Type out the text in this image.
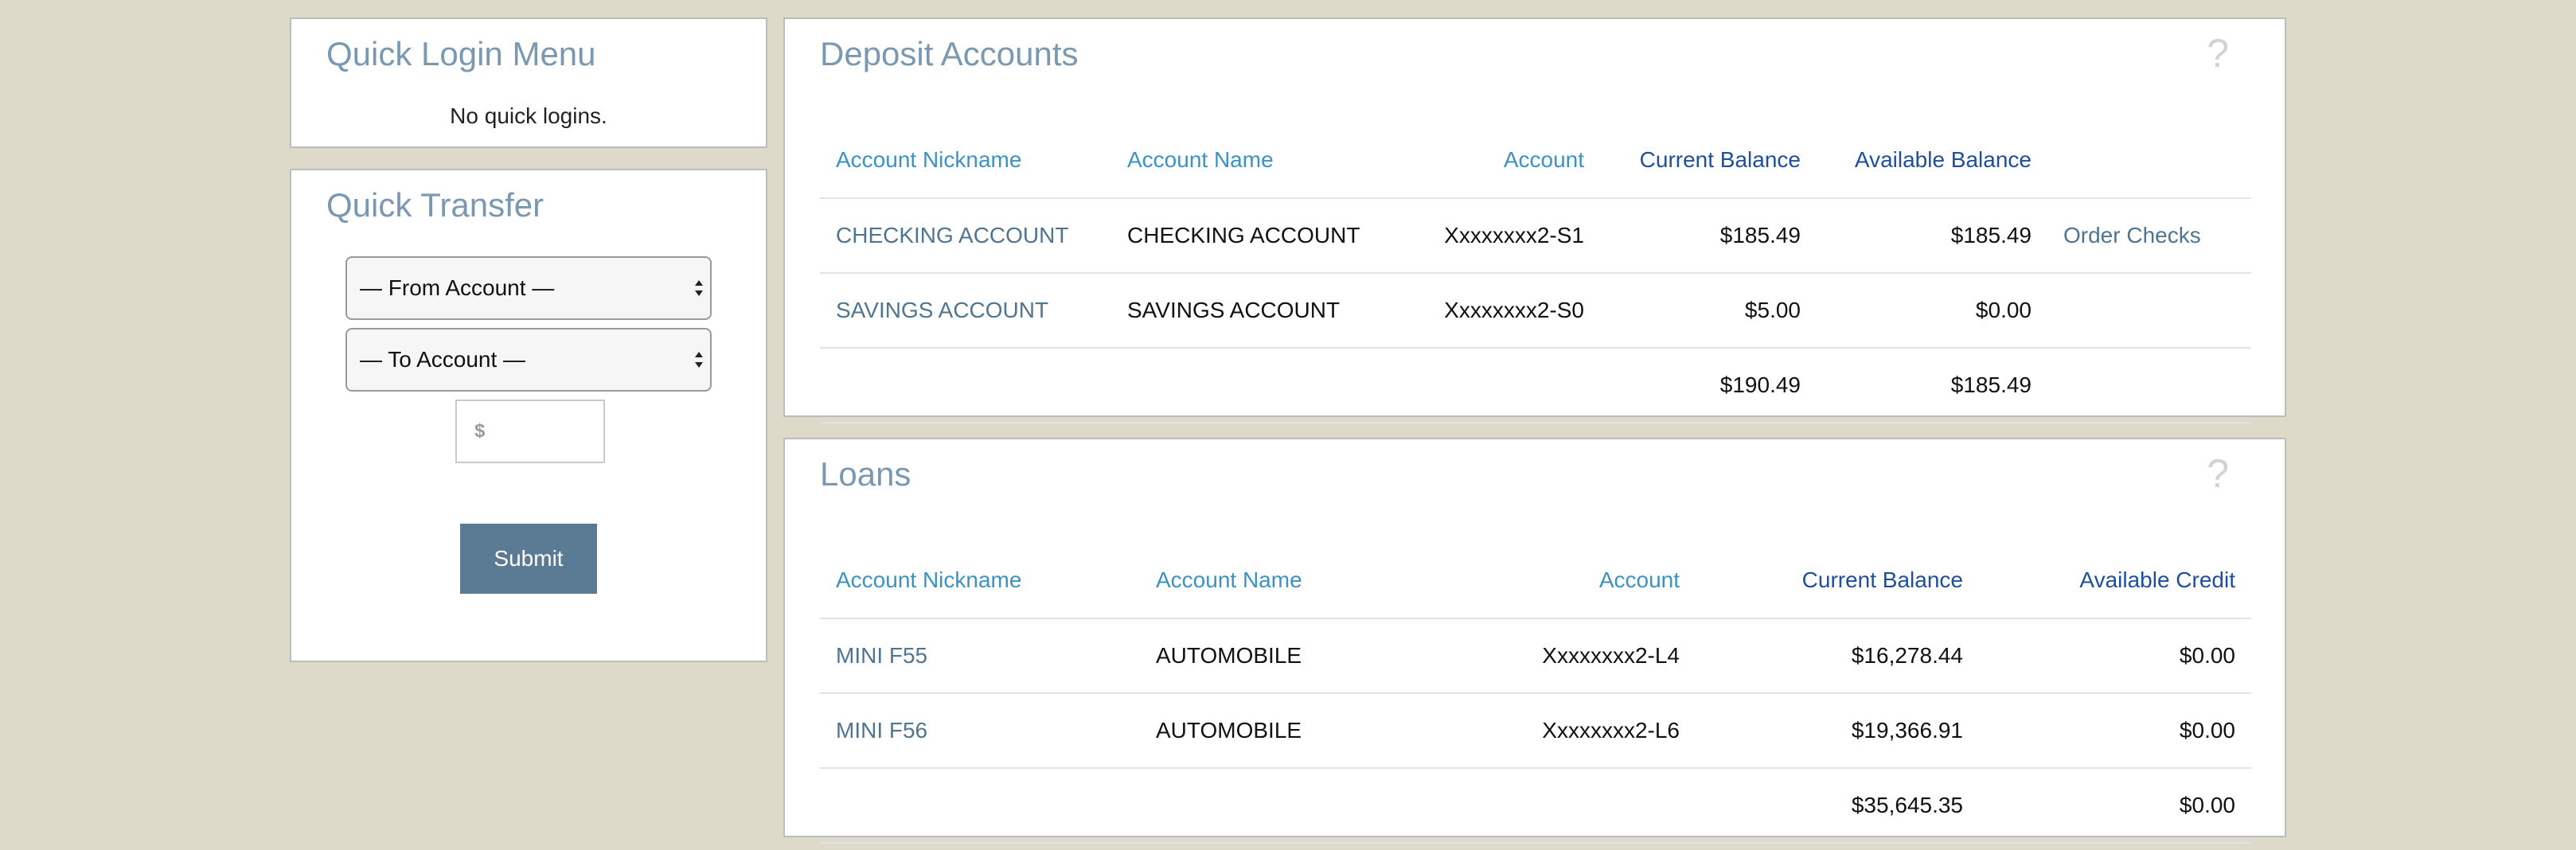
Quick Login Menu
No quick logins.
Quick Transfer
— From Account —
— To Account —
$
Submit
Deposit Accounts	?
Account Nickname	Account Name	Account	Current Balance	Available Balance	
CHECKING ACCOUNT	CHECKING ACCOUNT	Xxxxxxxx2-S1	$185.49	$185.49	Order Checks
SAVINGS ACCOUNT	SAVINGS ACCOUNT	Xxxxxxxx2-S0	$5.00	$0.00	
			$190.49	$185.49	
Loans	?
Account Nickname	Account Name	Account	Current Balance	Available Credit
MINI F55	AUTOMOBILE	Xxxxxxxx2-L4	$16,278.44	$0.00
MINI F56	AUTOMOBILE	Xxxxxxxx2-L6	$19,366.91	$0.00
			$35,645.35	$0.00
